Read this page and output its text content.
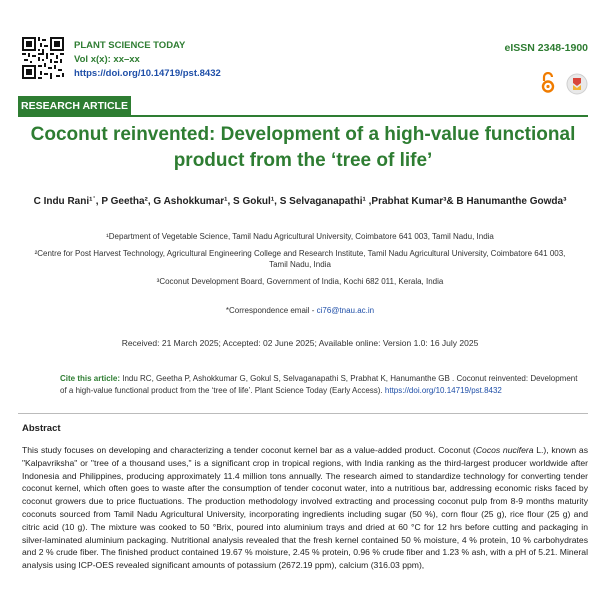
PLANT SCIENCE TODAY
Vol x(x): xx–xx
https://doi.org/10.14719/pst.8432
eISSN 2348-1900
RESEARCH ARTICLE
Coconut reinvented: Development of a high-value functional
product from the ‘tree of life’
C Indu Rani¹˙, P Geetha², G Ashokkumar¹, S Gokul¹, S Selvaganapathi¹ ,Prabhat Kumar³& B Hanumanthe Gowda³
¹Department of Vegetable Science, Tamil Nadu Agricultural University, Coimbatore 641 003, Tamil Nadu, India
²Centre for Post Harvest Technology, Agricultural Engineering College and Research Institute, Tamil Nadu Agricultural University, Coimbatore 641 003,
Tamil Nadu, India
³Coconut Development Board, Government of India, Kochi 682 011, Kerala, India
*Correspondence email - ci76@tnau.ac.in
Received: 21 March 2025; Accepted: 02 June 2025; Available online: Version 1.0: 16 July 2025
Cite this article: Indu RC, Geetha P, Ashokkumar G, Gokul S, Selvaganapathi S, Prabhat K, Hanumanthe GB . Coconut reinvented: Development of a high-value functional product from the ‘tree of life’. Plant Science Today (Early Access). https://doi.org/10.14719/pst.8432
Abstract

This study focuses on developing and characterizing a tender coconut kernel bar as a value-added product. Coconut (Cocos nucifera L.), known as "Kalpavriksha" or "tree of a thousand uses," is a significant crop in tropical regions, with India ranking as the third-largest producer worldwide after Indonesia and Philippines, producing approximately 11.4 million tons annually. The research aimed to standardize technology for converting tender coconut kernel, which often goes to waste after the consumption of tender coconut water, into a nutritious bar, addressing economic risks faced by coconut growers due to price fluctuations. The production methodology involved extracting and processing coconut pulp from 8-9 months maturity coconuts sourced from Tamil Nadu Agricultural University, incorporating ingredients including sugar (50 %), corn flour (25 g), rice flour (25 g) and citric acid (10 g). The mixture was cooked to 50 °Brix, poured into aluminium trays and dried at 60 °C for 12 hrs before cutting and packaging in silver-laminated aluminium packaging. Nutritional analysis revealed that the fresh kernel contained 50 % moisture, 4 % protein, 10 % carbohydrates and 2 % crude fiber. The finished product contained 19.67 % moisture, 2.45 % protein, 0.96 % crude fiber and 1.23 % ash, with a pH of 5.21. Mineral analysis using ICP-OES revealed significant amounts of potassium (2672.19 ppm), calcium (316.03 ppm),
